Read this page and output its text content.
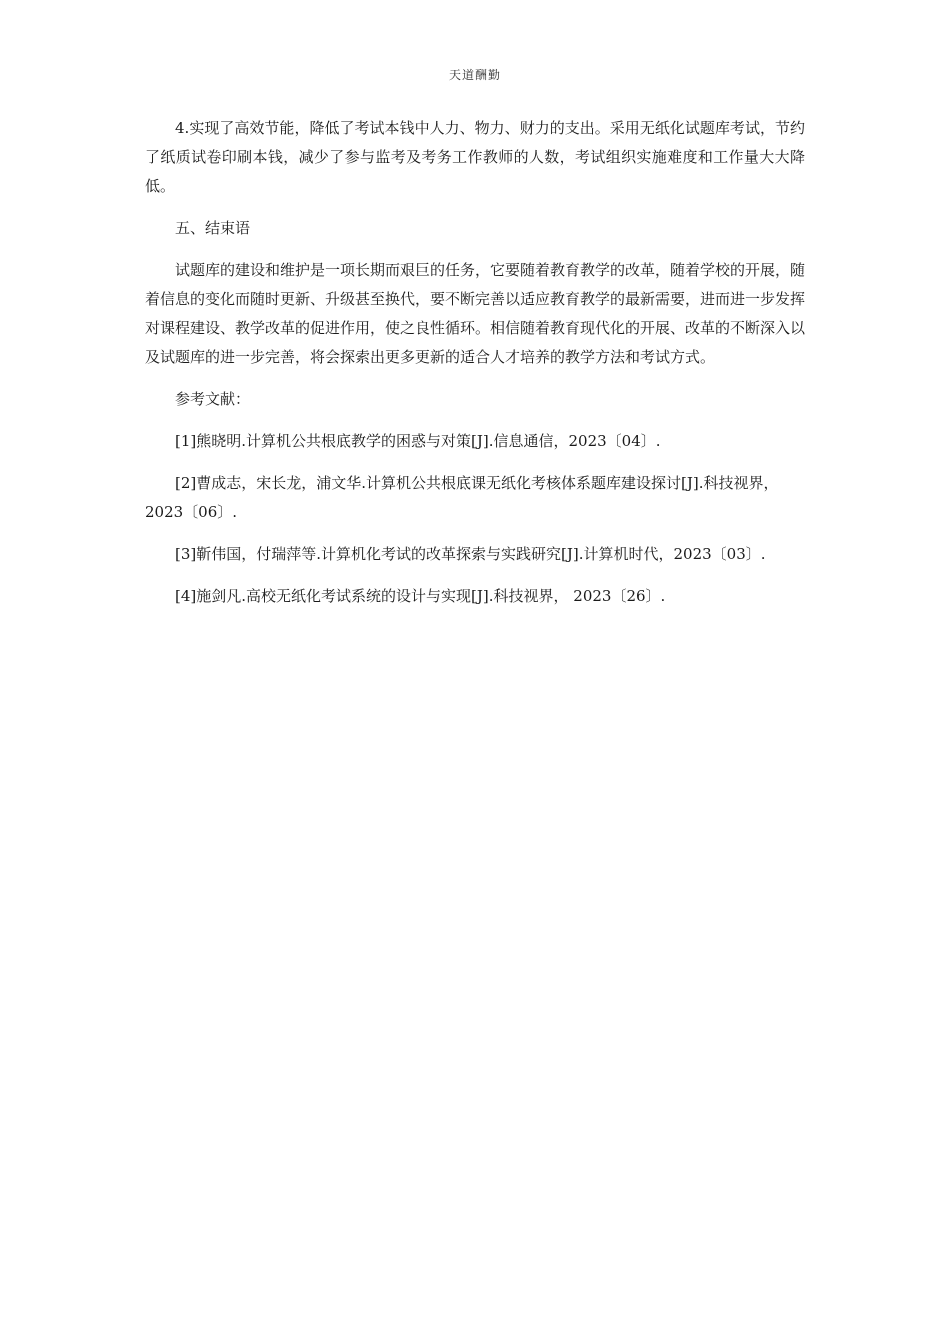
天道酬勤

4.实现了高效节能，降低了考试本钱中人力、物力、财力的支出。采用无纸化试题库考试，节约了纸质试卷印刷本钱，减少了参与监考及考务工作教师的人数，考试组织实施难度和工作量大大降低。

五、结束语

试题库的建设和维护是一项长期而艰巨的任务，它要随着教育教学的改革，随着学校的开展，随着信息的变化而随时更新、升级甚至换代，要不断完善以适应教育教学的最新需要，进而进一步发挥对课程建设、教学改革的促进作用，使之良性循环。相信随着教育现代化的开展、改革的不断深入以及试题库的进一步完善，将会探索出更多更新的适合人才培养的教学方法和考试方式。

参考文献：

[1]熊晓明.计算机公共根底教学的困惑与对策[J].信息通信，2023〔04〕.

[2]曹成志，宋长龙，浦文华.计算机公共根底课无纸化考核体系题库建设探讨[J].科技视界，2023〔06〕.

[3]靳伟国，付瑞萍等.计算机化考试的改革探索与实践研究[J].计算机时代，2023〔03〕.

[4]施剑凡.高校无纸化考试系统的设计与实现[J].科技视界， 2023〔26〕.
